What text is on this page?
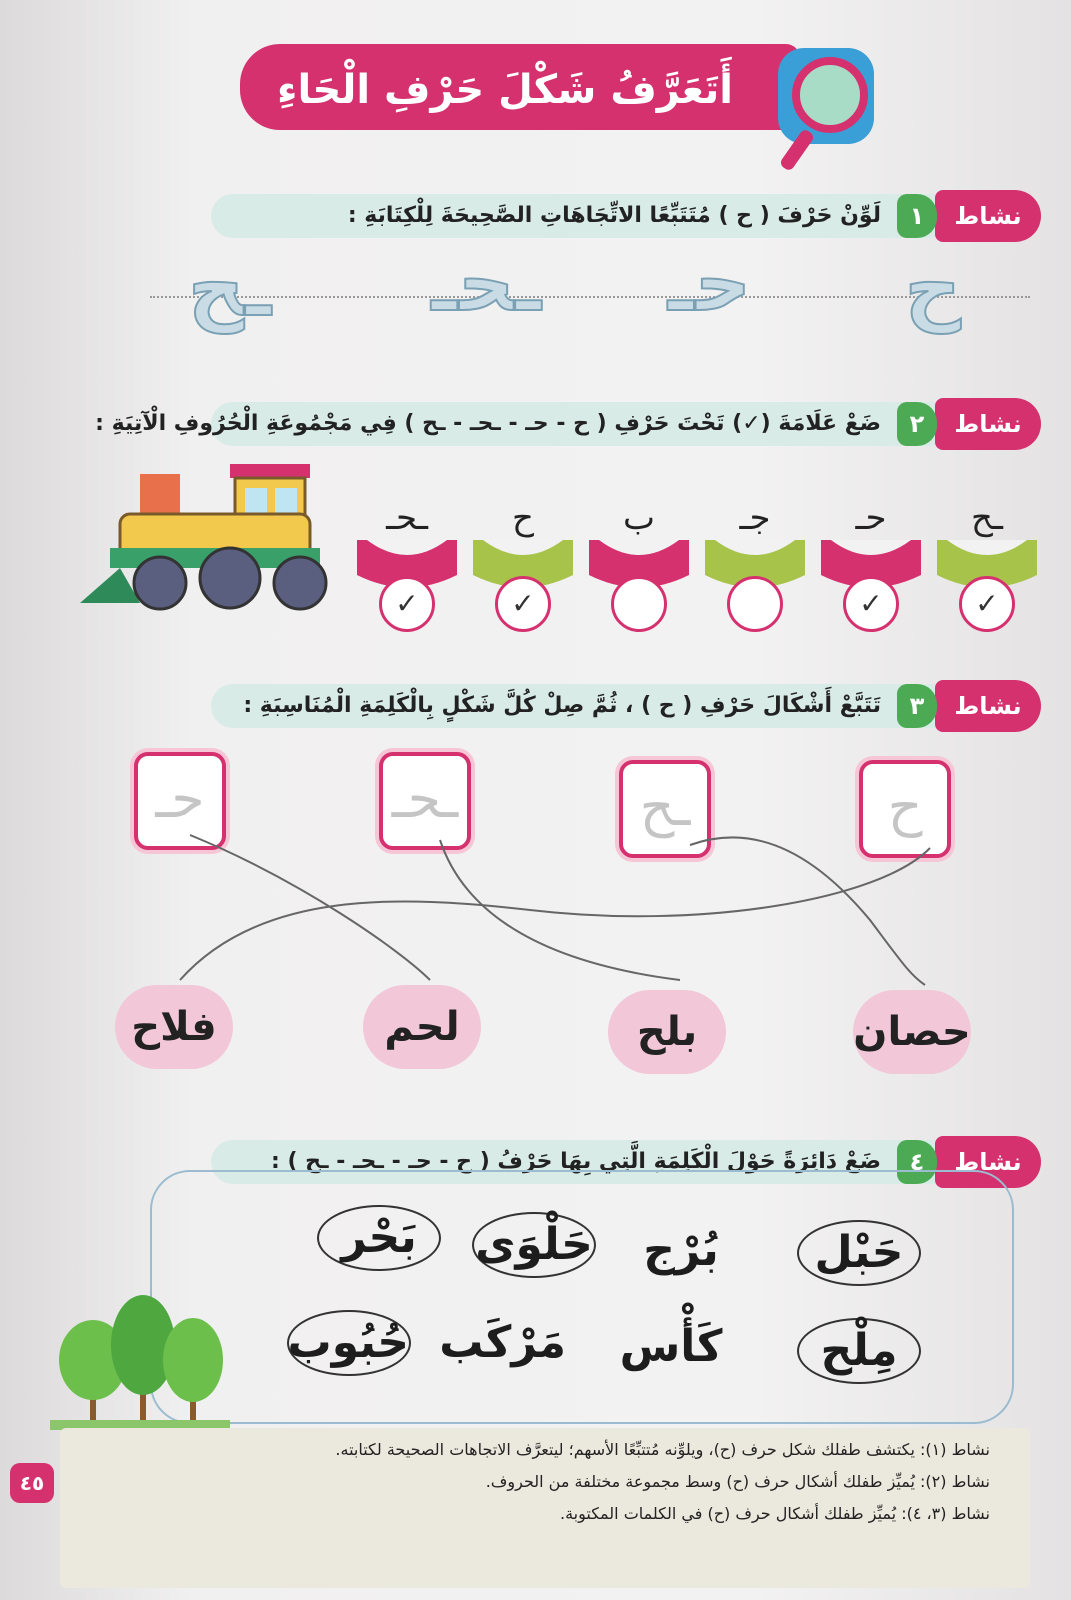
أَتَعَرَّفُ شَكْلَ حَرْفِ الْحَاءِ
نشاط
١
لَوِّنْ حَرْفَ ( ح ) مُتَتَبِّعًا الاتِّجَاهَاتِ الصَّحِيحَةَ لِلْكِتَابَةِ :
ح
حـ
ـحـ
ـح
نشاط
٢
ضَعْ عَلَامَةَ (✓) تَحْتَ حَرْفِ ( ح - حـ - ـحـ - ـح ) فِي مَجْمُوعَةِ الْحُرُوفِ الْآتِيَةِ :
ـح
حـ
جـ
ب
ح
ـحـ
✓
✓
✓
✓
نشاط
٣
تَتَبَّعْ أَشْكَالَ حَرْفِ ( ح ) ، ثُمَّ صِلْ كُلَّ شَكْلٍ بِالْكَلِمَةِ الْمُنَاسِبَةِ :
ح
ـح
ـحـ
حـ
حصان
بلح
لحم
فلاح
نشاط
٤
ضَعْ دَائِرَةً حَوْلَ الْكَلِمَةِ الَّتِي بِهَا حَرْفُ ( ح - حـ - ـحـ - ـح ) :
حَبْل
بُرْج
حَلْوَى
بَحْر
مِلْح
كَأْس
مَرْكَب
حُبُوب
نشاط (١): يكتشف طفلك شكل حرف (ح)، ويلوِّنه مُتتبِّعًا الأسهم؛ ليتعرَّف الاتجاهات الصحيحة لكتابته.
نشاط (٢): يُميِّز طفلك أشكال حرف (ح) وسط مجموعة مختلفة من الحروف.
نشاط (٣، ٤): يُميِّز طفلك أشكال حرف (ح) في الكلمات المكتوبة.
٤٥
